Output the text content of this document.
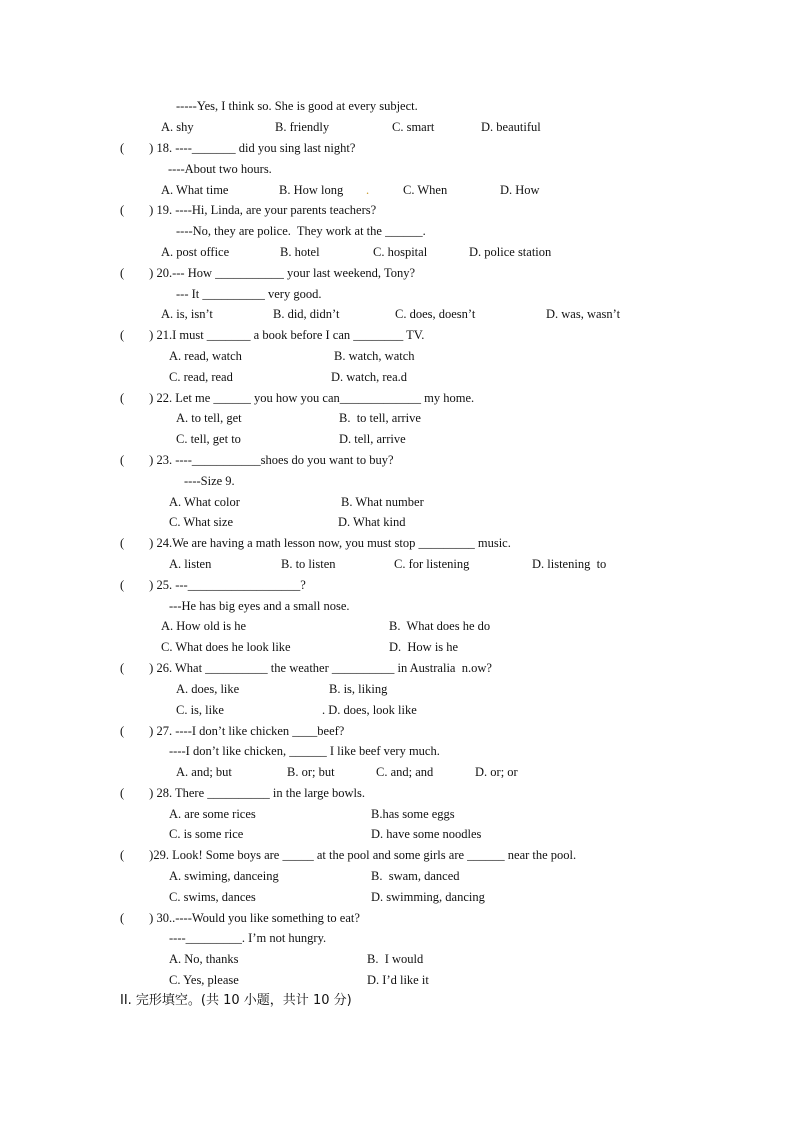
-----Yes, I think so. She is good at every subject.
A. shy	B. friendly	C. smart	D. beautiful
(        ) 18. ----_______ did you sing last night?
----About two hours.
A. What time	B. How long	C. When	D. How
(        ) 19. ----Hi, Linda, are your parents teachers?
----No, they are police.  They work at the ______.
A. post office	B. hotel	C. hospital	D. police station
(        ) 20.--- How ___________ your last weekend, Tony?
--- It __________ very good.
A. is, isn’t	B. did, didn’t	C. does, doesn’t	D. was, wasn’t
(        ) 21.I must _______ a book before I can ________ TV.
A. read, watch	B. watch, watch
C. read, read	D. watch, rea.d
(        ) 22. Let me ______ you how you can_____________ my home.
A. to tell, get	B.  to tell, arrive
C. tell, get to	D. tell, arrive
(        ) 23. ----___________shoes do you want to buy?
----Size 9.
A. What color	B. What number
C. What size	D. What kind
(        ) 24.We are having a math lesson now, you must stop _________ music.
A. listen	B. to listen	C. for listening	D. listening  to
(        ) 25. ---__________________?
---He has big eyes and a small nose.
A. How old is he	B.  What does he do
C. What does he look like	D.  How is he
(        ) 26. What __________ the weather __________ in Australia  n.ow?
A. does, like	B. is, liking
C. is, like	. D. does, look like
(        ) 27. ----I don’t like chicken ____beef?
----I don’t like chicken, ______ I like beef very much.
A. and; but	B. or; but	C. and; and	D. or; or
(        ) 28. There __________ in the large bowls.
A. are some rices	B.has some eggs
C. is some rice	D. have some noodles
(        )29. Look! Some boys are _____ at the pool and some girls are ______ near the pool.
A. swiming, danceing	B.  swam, danced
C. swims, dances	D. swimming, dancing
(        ) 30..----Would you like something to eat?
----_________. I’m not hungry.
A. No, thanks	B.  I would
C. Yes, please	D. I’d like it
.
II. 完形填空。(共 10 小题，共计 10 分)
